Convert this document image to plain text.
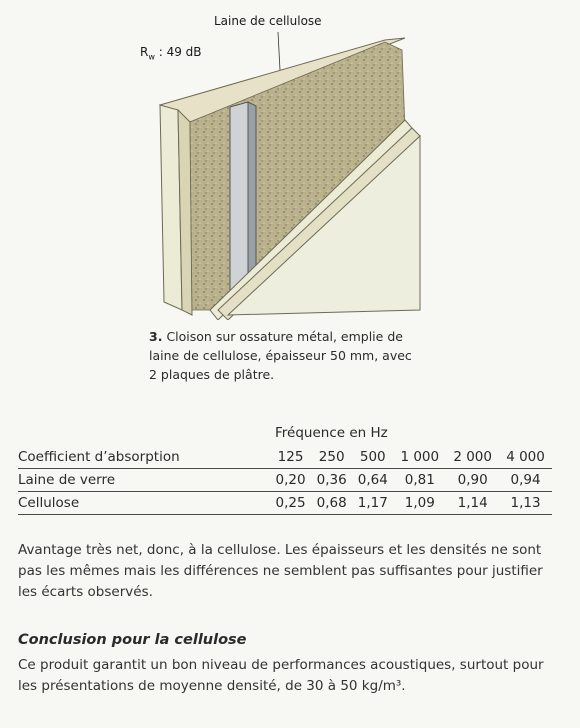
Laine de cellulose
$R_w$ : 49 dB
3. Cloison sur ossature métal, emplie de laine de cellulose, épaisseur 50 mm, avec 2 plaques de plâtre.
Fréquence en Hz
Coefficient d’absorption	125	250	500	1 000	2 000	4 000
Laine de verre	0,20	0,36	0,64	0,81	0,90	0,94
Cellulose	0,25	0,68	1,17	1,09	1,14	1,13

Avantage très net, donc, à la cellulose. Les épaisseurs et les densités ne sont pas les mêmes mais les différences ne semblent pas suffisantes pour justifier les écarts observés.

Conclusion pour la cellulose

Ce produit garantit un bon niveau de performances acoustiques, surtout pour les présentations de moyenne densité, de 30 à 50 kg/m³.
